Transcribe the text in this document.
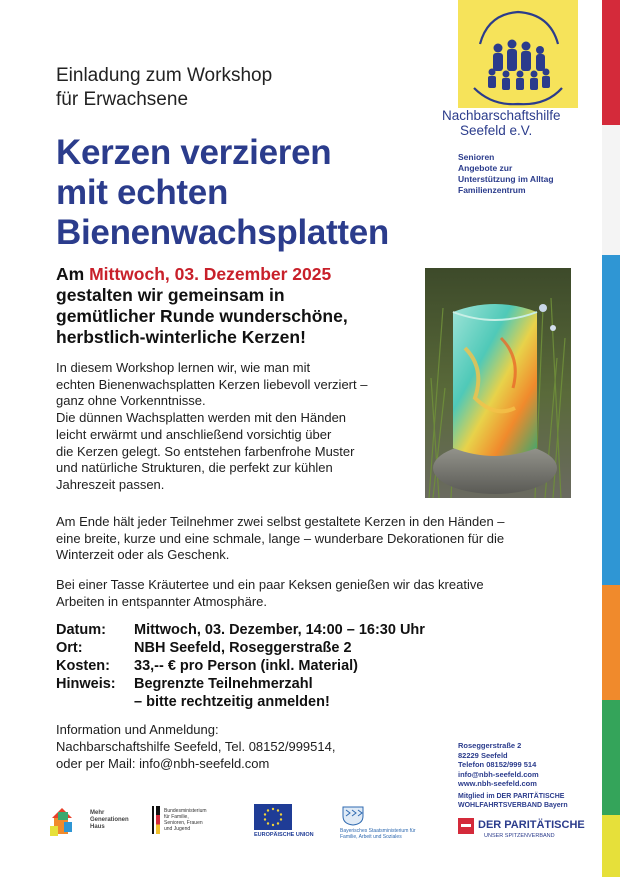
Einladung zum Workshop
für Erwachsene
Kerzen verzieren
mit echten
Bienenwachsplatten
Nachbarschaftshilfe
Seefeld e.V.
Senioren
Angebote zur
Unterstützung im Alltag
Familienzentrum
Am Mittwoch, 03. Dezember 2025
gestalten wir gemeinsam in
gemütlicher Runde wunderschöne,
herbstlich-winterliche Kerzen!
In diesem Workshop lernen wir, wie man mit
echten Bienenwachsplatten Kerzen liebevoll verziert –
ganz ohne Vorkenntnisse.
Die dünnen Wachsplatten werden mit den Händen
leicht erwärmt und anschließend vorsichtig über
die Kerzen gelegt. So entstehen farbenfrohe Muster
und natürliche Strukturen, die perfekt zur kühlen
Jahreszeit passen.
Am Ende hält jeder Teilnehmer zwei selbst gestaltete Kerzen in den Händen –
eine breite, kurze und eine schmale, lange – wunderbare Dekorationen für die
Winterzeit oder als Geschenk.
Bei einer Tasse Kräutertee und ein paar Keksen genießen wir das kreative
Arbeiten in entspannter Atmosphäre.
Datum: Mittwoch, 03. Dezember, 14:00 – 16:30 Uhr
Ort:	NBH Seefeld, Roseggerstraße 2
Kosten: 33,-- € pro Person (inkl. Material)
Hinweis: Begrenzte Teilnehmerzahl
– bitte rechtzeitig anmelden!
Information und Anmeldung:
Nachbarschaftshilfe Seefeld, Tel. 08152/999514,
oder per Mail: info@nbh-seefeld.com
Roseggerstraße 2
82229 Seefeld
Telefon 08152/999 514
info@nbh-seefeld.com
www.nbh-seefeld.com
Mitglied im DER PARITÄTISCHE
WOHLFAHRTSVERBAND Bayern
DER PARITÄTISCHE
UNSER SPITZENVERBAND
Mehr
Generationen
Haus
Bundesministerium
für Familie, Senioren, Frauen
und Jugend
EUROPÄISCHE UNION
Bayerisches Staatsministerium für
Familie, Arbeit und Soziales
